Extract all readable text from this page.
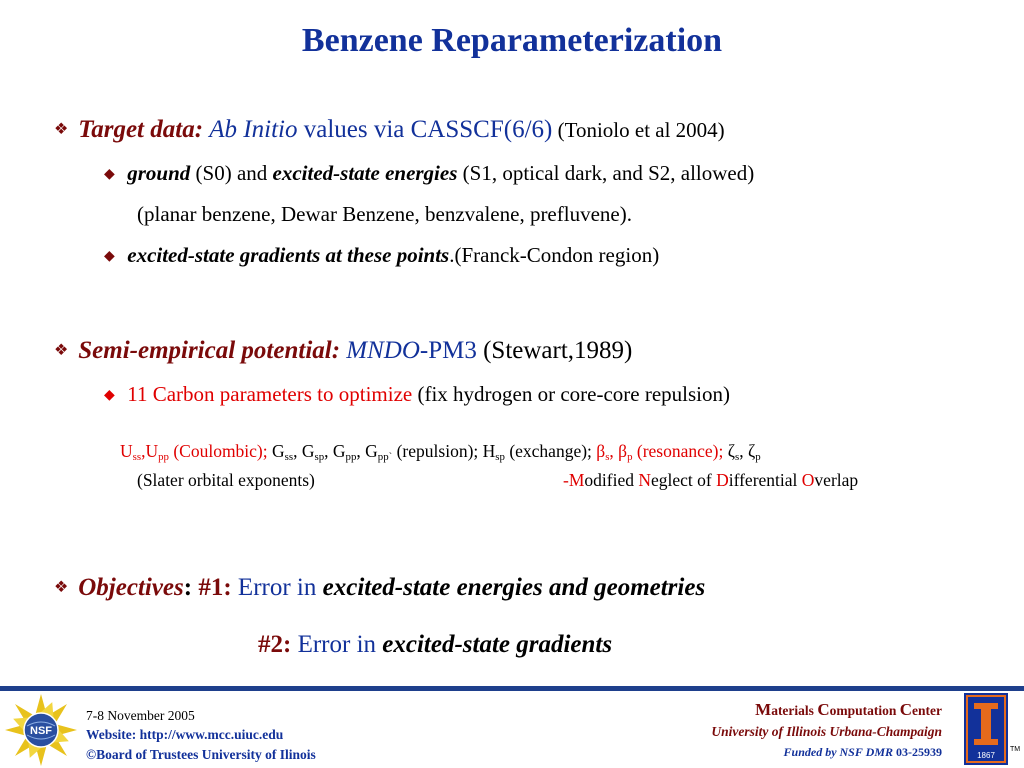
Benzene Reparameterization
❖ Target data: Ab Initio values via CASSCF(6/6) (Toniolo et al 2004)
◆ ground (S0) and excited-state energies (S1, optical dark, and S2, allowed)
(planar benzene, Dewar Benzene, benzvalene, prefluvene).
◆ excited-state gradients at these points.(Franck-Condon region)
❖ Semi-empirical potential: MNDO-PM3 (Stewart,1989)
◆ 11 Carbon parameters to optimize (fix hydrogen or core-core repulsion)
$U_{ss},U_{pp}$ (Coulombic); $G_{ss}$, $G_{sp}$, $G_{pp}$, $G_{pp`}$ (repulsion); $H_{sp}$ (exchange); $\beta_s$, $\beta_p$ (resonance); $\zeta_s$, $\zeta_p$
(Slater orbital exponents)	-Modified Neglect of Differential Overlap
❖ Objectives: #1: Error in excited-state energies and geometries
#2: Error in excited-state gradients
NSF
7-8 November 2005
Website: http://www.mcc.uiuc.edu
©Board of Trustees University of Ilinois
Materials Computation Center
University of Illinois Urbana-Champaign
Funded by NSF DMR 03-25939	1867
TM
